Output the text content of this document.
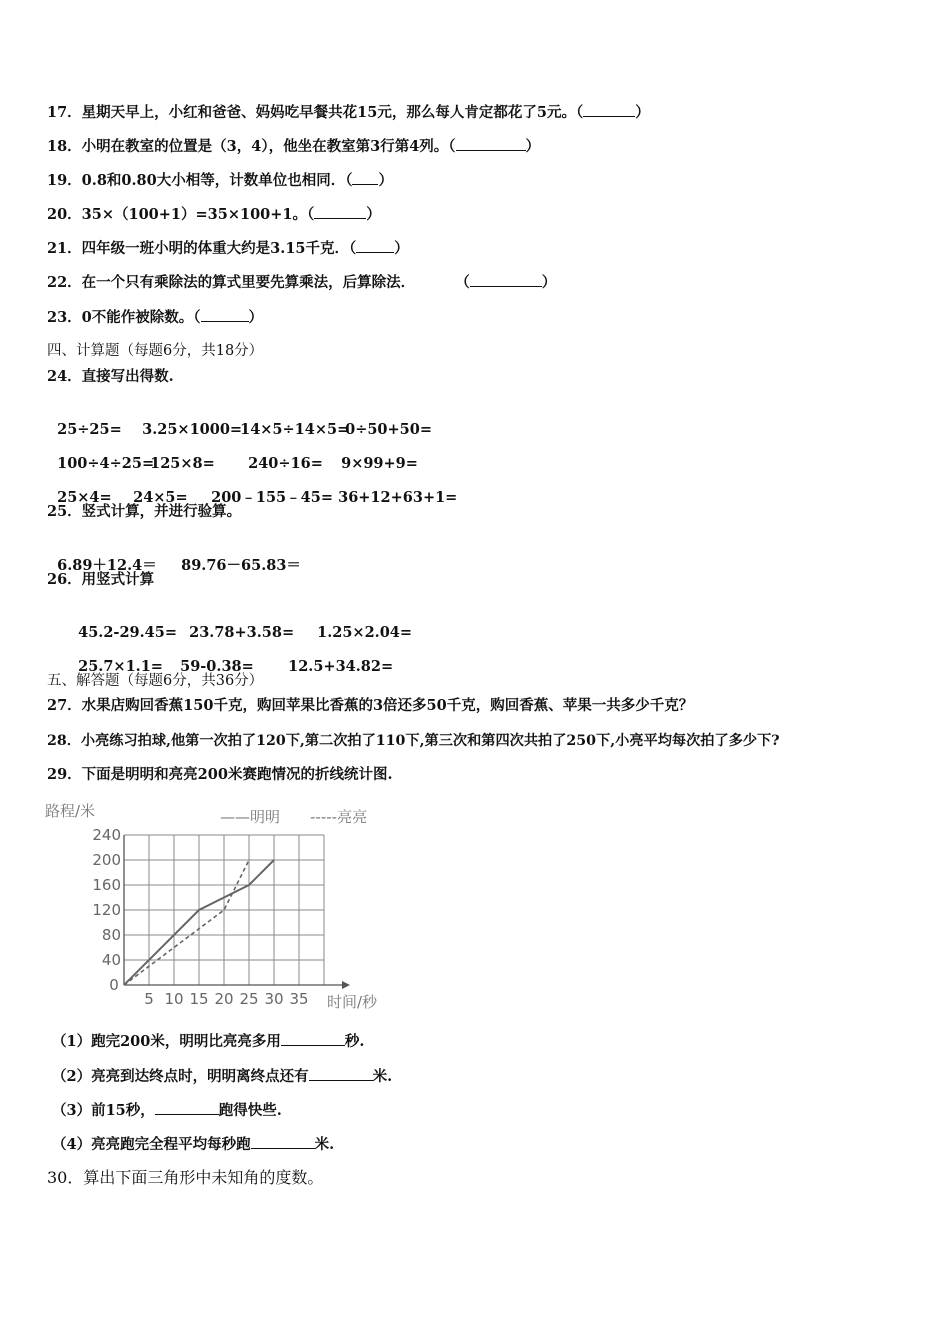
17．星期天早上，小红和爸爸、妈妈吃早餐共花15元，那么每人肯定都花了5元。（	）
18．小明在教室的位置是（3，4），他坐在教室第3行第4列。（	）
19．0.8和0.80大小相等，计数单位也相同．（ ）
20．35×（100+1）=35×100+1。（	）
21．四年级一班小明的体重大约是3.15千克．（	）
22．在一个只有乘除法的算式里要先算乘法，后算除法．	（	）
23．0不能作被除数。（	）
四、计算题（每题6分，共18分）
24．直接写出得数.

25÷25= 3.25×1000=14×5÷14×5=0÷50+50=

100÷4÷25=125×8= 240÷16= 9×99+9=

25×4= 24×5= 200﹣155﹣45= 36+12+63+1=

25．竖式计算，并进行验算。

6.89＋12.4＝ 89.76－65.83＝

26．用竖式计算

45.2-29.45= 23.78+3.58= 1.25×2.04=

25.7×1.1= 59-0.38= 12.5+34.82=

五、解答题（每题6分，共36分）
27．水果店购回香蕉150千克，购回苹果比香蕉的3倍还多50千克，购回香蕉、苹果一共多少千克？
28．小亮练习拍球,他第一次拍了120下,第二次拍了110下,第三次和第四次共拍了250下,小亮平均每次拍了多少下?
29．下面是明明和亮亮200米赛跑情况的折线统计图.
40
80
120
160
200
240
0
5 10 15 20 25 30 35
路程/米
时间/秒
——明明 -----亮亮
（1）跑完200米，明明比亮亮多用	秒.
（2）亮亮到达终点时，明明离终点还有	米.
（3）前15秒，	跑得快些.
（4）亮亮跑完全程平均每秒跑	米.
30．算出下面三角形中未知角的度数。
